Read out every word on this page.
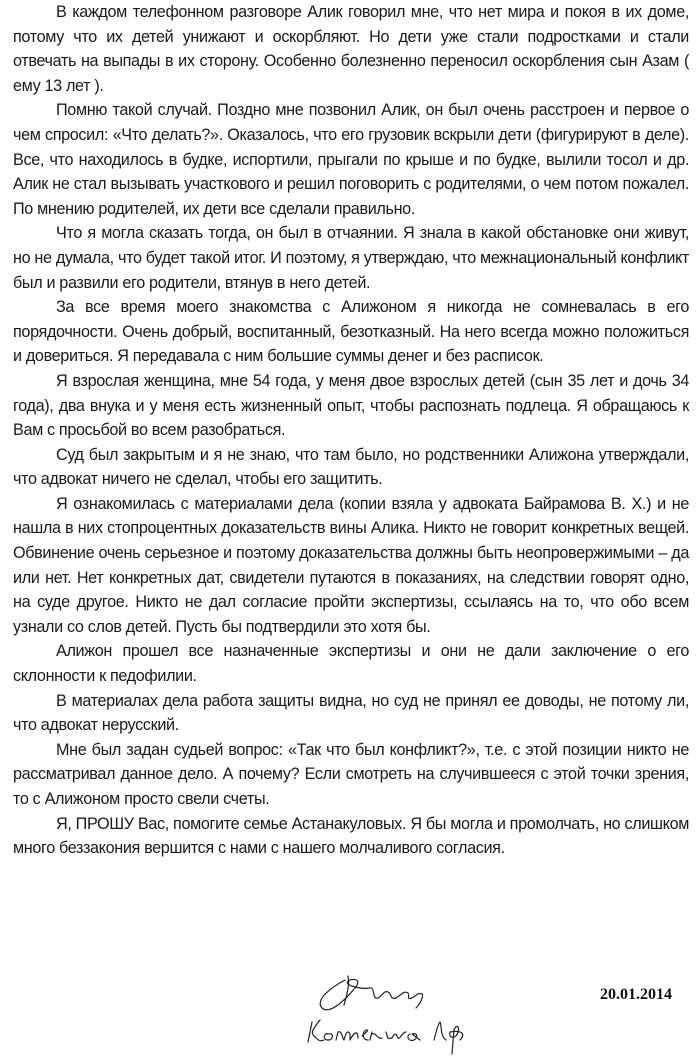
В каждом телефонном разговоре Алик говорил мне, что нет мира и покоя в их доме, потому что их детей унижают и оскорбляют. Но дети уже стали подростками и стали отвечать на выпады в их сторону. Особенно болезненно переносил оскорбления сын Азам ( ему 13 лет ).

Помню такой случай. Поздно мне позвонил Алик, он был очень расстроен и первое о чем спросил: «Что делать?». Оказалось, что его грузовик вскрыли дети (фигурируют в деле). Все, что находилось в будке, испортили, прыгали по крыше и по будке, вылили тосол и др. Алик не стал вызывать участкового и решил поговорить с родителями, о чем потом пожалел. По мнению родителей, их дети все сделали правильно.

Что я могла сказать тогда, он был в отчаянии. Я знала в какой обстановке они живут, но не думала, что будет такой итог. И поэтому, я утверждаю, что межнациональный конфликт был и развили его родители, втянув в него детей.

За все время моего знакомства с Алижоном я никогда не сомневалась в его порядочности. Очень добрый, воспитанный, безотказный. На него всегда можно положиться и довериться. Я передавала с ним большие суммы денег и без расписок.

Я взрослая женщина, мне 54 года, у меня двое взрослых детей (сын 35 лет и дочь 34 года), два внука и у меня есть жизненный опыт, чтобы распознать подлеца. Я обращаюсь к Вам с просьбой во всем разобраться.

Суд был закрытым и я не знаю, что там было, но родственники Алижона утверждали, что адвокат ничего не сделал, чтобы его защитить.

Я ознакомилась с материалами дела (копии взяла у адвоката Байрамова В. Х.) и не нашла в них стопроцентных доказательств вины Алика. Никто не говорит конкретных вещей. Обвинение очень серьезное и поэтому доказательства должны быть неопровержимыми – да или нет. Нет конкретных дат, свидетели путаются в показаниях, на следствии говорят одно, на суде другое. Никто не дал согласие пройти экспертизы, ссылаясь на то, что обо всем узнали со слов детей. Пусть бы подтвердили это хотя бы.

Алижон прошел все назначенные экспертизы и они не дали заключение о его склонности к педофилии.

В материалах дела работа защиты видна, но суд не принял ее доводы, не потому ли, что адвокат нерусский.

Мне был задан судьей вопрос: «Так что был конфликт?», т.е. с этой позиции никто не рассматривал данное дело. А почему? Если смотреть на случившееся с этой точки зрения, то с Алижоном просто свели счеты.

Я, ПРОШУ Вас, помогите семье Астанакуловых. Я бы могла и промолчать, но слишком много беззакония вершится с нами с нашего молчаливого согласия.

20.01.2014
